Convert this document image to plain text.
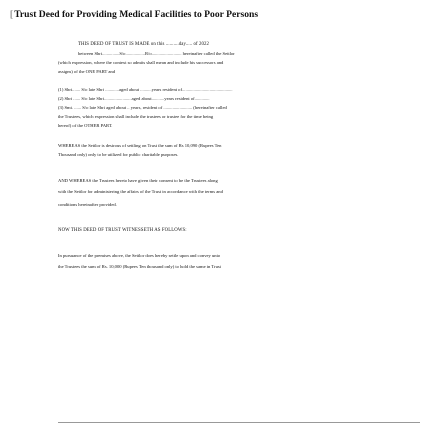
[Trust Deed for Providing Medical Facilities to Poor Persons
THIS DEED OF TRUST IS MADE on this ..........day..... of 2022
between Shri...............S/o.................R/o.......................... hereinafter called the Settlor
(which expression, where the context so admits shall mean and include his successors and
assigns) of the ONE PART and
(1) Shri....... S/o late Shri ............aged about ..........years resident of............................................
(2) Shri ...... S/o late Shri........................aged about...........years resident of.............
(3) Smt. ...... S/o late Shri aged about .. years, resident of ......................... (hereinafter called
the Trustees, which expression shall include the trustees or trustee for the time being
hereof) of the OTHER PART.
WHEREAS the Settlor is desirous of settling on Trust the sum of Rs 10,090 (Rupees Ten
Thousand only) only to be utilized for public charitable purposes.
AND WHEREAS the Trustees hereto have given their consent to be the Trustees along
with the Settlor for administering the affairs of the Trust in accordance with the terms and
conditions hereinafter provided.
NOW THIS DEED OF TRUST WITNESSETH AS FOLLOWS:
In pursuance of the premises above, the Settlor does hereby settle upon and convey unto
the Trustees the sum of Rs. 10,000 (Rupees Ten thousand only) to hold the same in Trust
